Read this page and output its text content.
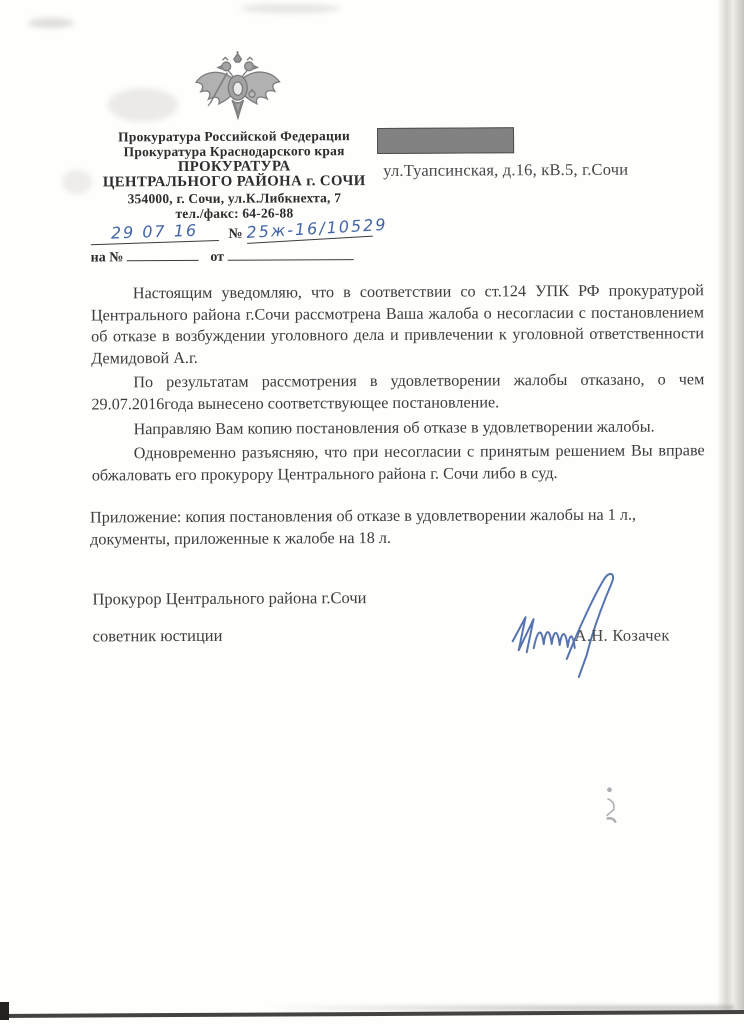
Прокуратура Российской Федерации
Прокуратура Краснодарского края
ПРОКУРАТУРА
ЦЕНТРАЛЬНОГО РАЙОНА г. СОЧИ
354000, г. Сочи, ул.К.Либкнехта, 7
тел./факс: 64-26-88
29 07 16	№ 25ж-16/10529
на №	от
ул.Туапсинская, д.16, кВ.5, г.Сочи

Настоящим уведомляю, что в соответствии со ст.124 УПК РФ прокуратурой Центрального района г.Сочи рассмотрена Ваша жалоба о несогласии с постановлением об отказе в возбуждении уголовного дела и привлечении к уголовной ответственности Демидовой А.г.

По результатам рассмотрения в удовлетворении жалобы отказано, о чем 29.07.2016года вынесено соответствующее постановление.

Направляю Вам копию постановления об отказе в удовлетворении жалобы.

Одновременно разъясняю, что при несогласии с принятым решением Вы вправе обжаловать его прокурору Центрального района г. Сочи либо в суд.

Приложение: копия постановления об отказе в удовлетворении жалобы на 1 л., документы, приложенные к жалобе на 18 л.

Прокурор Центрального района г.Сочи
советник юстиции	А.Н. Козачек
